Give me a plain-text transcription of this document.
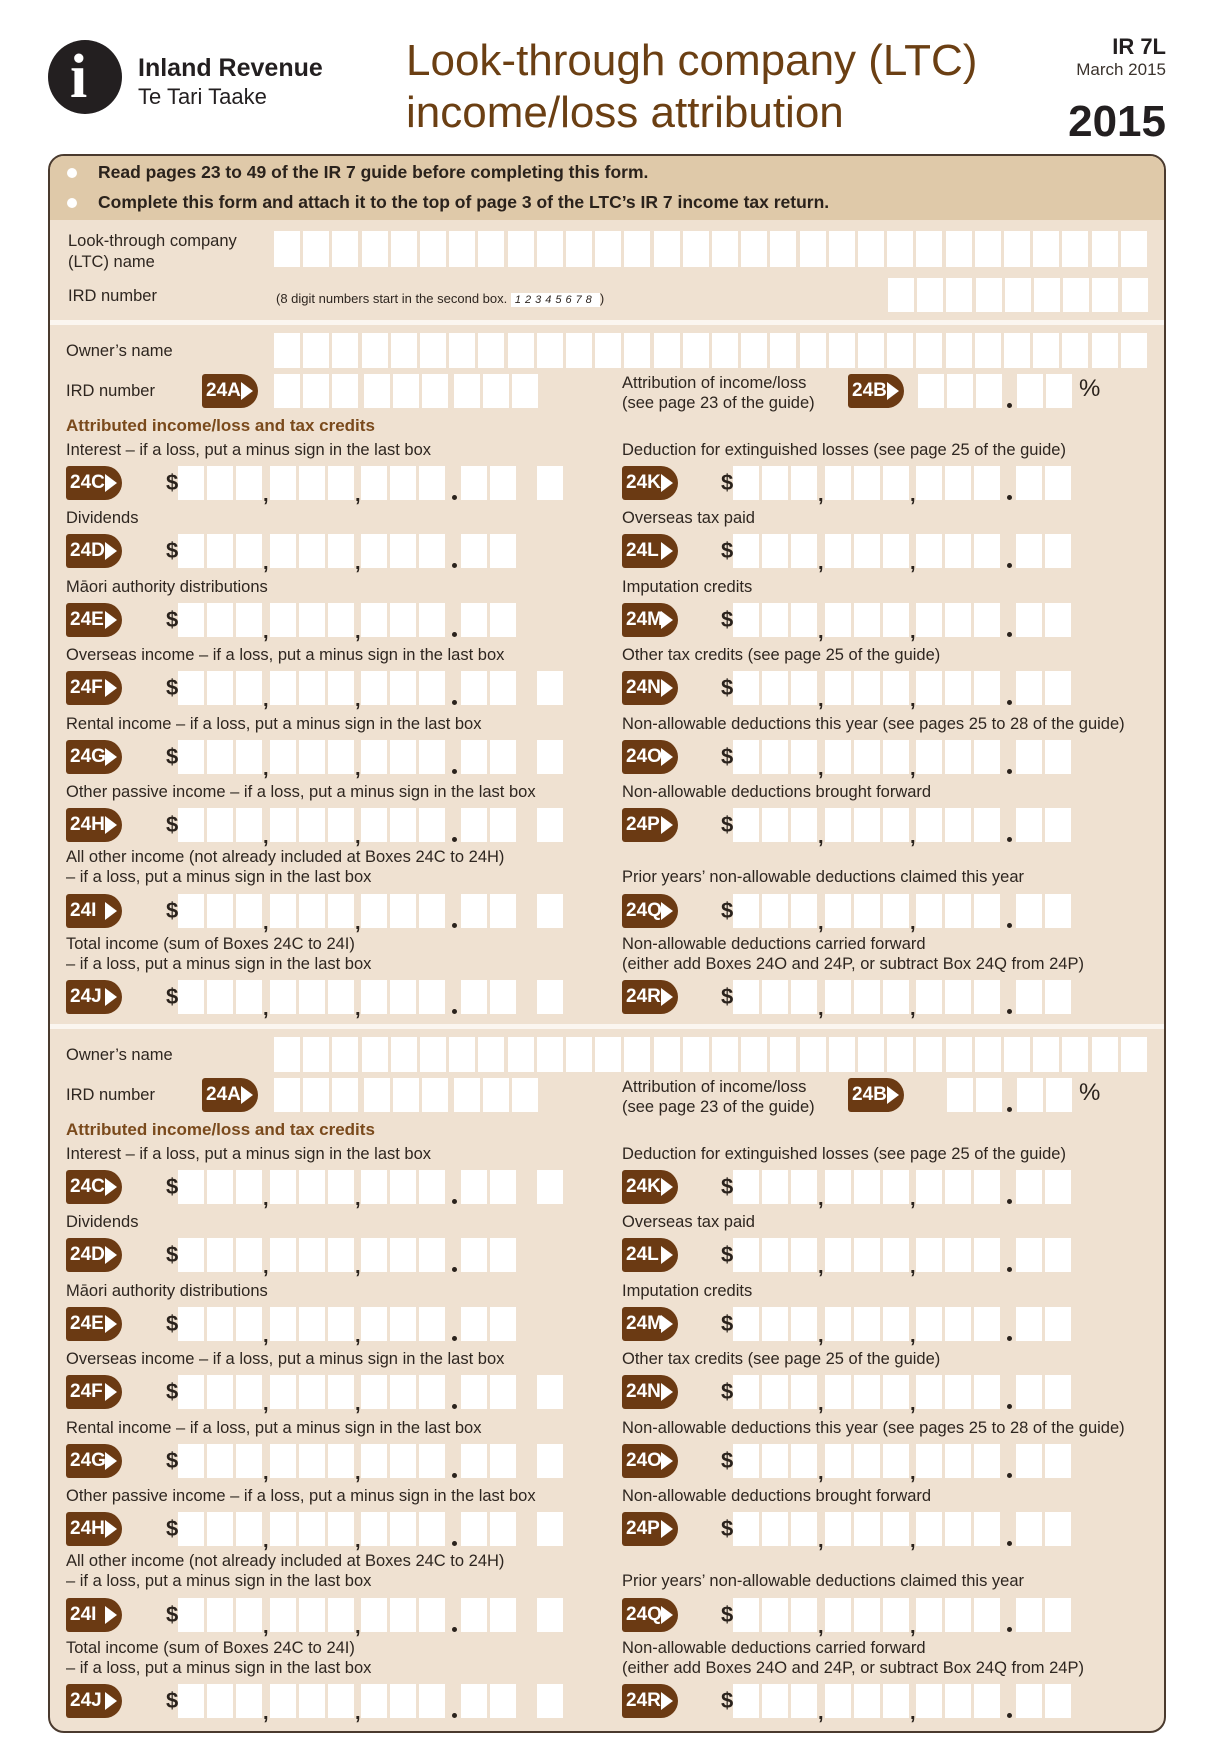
i Inland Revenue
Te Tari Taake
Look-through company (LTC)
income/loss attribution
IR 7L
March 2015
2015
Read pages 23 to 49 of the IR 7 guide before completing this form.
Complete this form and attach it to the top of page 3 of the LTC’s IR 7 income tax return.
Look-through company
(LTC) name
IRD number	(8 digit numbers start in the second box. 12345678 )
Owner’s name
IRD number	24A	Attribution of income/loss
(see page 23 of the guide)
24B	%
Attributed income/loss and tax credits
Interest – if a loss, put a minus sign in the last box
24C	$	,	,
Dividends
24D	$	,	,
Māori authority distributions
24E	$	,	,
Overseas income – if a loss, put a minus sign in the last box
24F	$	,	,
Rental income – if a loss, put a minus sign in the last box
24G	$	,	,
Other passive income – if a loss, put a minus sign in the last box
24H	$	,	,
All other income (not already included at Boxes 24C to 24H)
– if a loss, put a minus sign in the last box
24I	$	,	,
Total income (sum of Boxes 24C to 24I)
– if a loss, put a minus sign in the last box
24J	$	,	,
Deduction for extinguished losses (see page 25 of the guide)
24K	$	,	,
Overseas tax paid
24L	$	,	,
Imputation credits
24M	$	,	,
Other tax credits (see page 25 of the guide)
24N	$	,	,
Non-allowable deductions this year (see pages 25 to 28 of the guide)
24O	$	,	,
Non-allowable deductions brought forward
24P	$	,	,
Prior years’ non-allowable deductions claimed this year
24Q	$	,	,
Non-allowable deductions carried forward
(either add Boxes 24O and 24P, or subtract Box 24Q from 24P)
24R	$	,	,
Owner’s name
IRD number	24A	Attribution of income/loss
(see page 23 of the guide)
24B	%
Attributed income/loss and tax credits
Interest – if a loss, put a minus sign in the last box
24C	$	,	,
Dividends
24D	$	,	,
Māori authority distributions
24E	$	,	,
Overseas income – if a loss, put a minus sign in the last box
24F	$	,	,
Rental income – if a loss, put a minus sign in the last box
24G	$	,	,
Other passive income – if a loss, put a minus sign in the last box
24H	$	,	,
All other income (not already included at Boxes 24C to 24H)
– if a loss, put a minus sign in the last box
24I	$	,	,
Total income (sum of Boxes 24C to 24I)
– if a loss, put a minus sign in the last box
24J	$	,	,
Deduction for extinguished losses (see page 25 of the guide)
24K	$	,	,
Overseas tax paid
24L	$	,	,
Imputation credits
24M	$	,	,
Other tax credits (see page 25 of the guide)
24N	$	,	,
Non-allowable deductions this year (see pages 25 to 28 of the guide)
24O	$	,	,
Non-allowable deductions brought forward
24P	$	,	,
Prior years’ non-allowable deductions claimed this year
24Q	$	,	,
Non-allowable deductions carried forward
(either add Boxes 24O and 24P, or subtract Box 24Q from 24P)
24R	$	,	,
